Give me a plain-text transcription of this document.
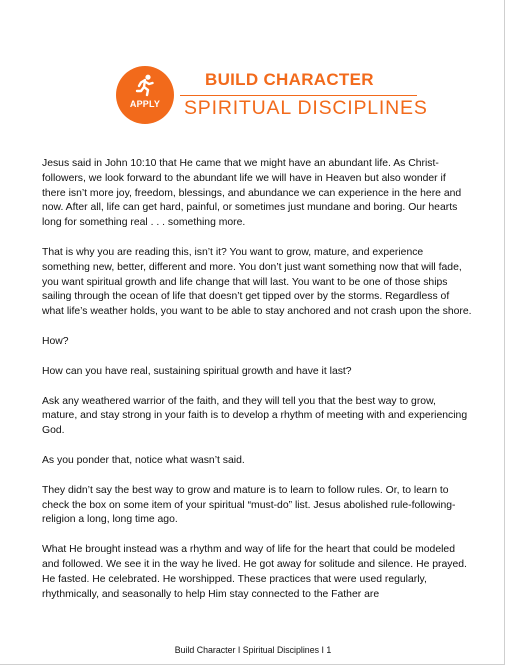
APPLY
BUILD CHARACTER
SPIRITUAL DISCIPLINES

Jesus said in John 10:10 that He came that we might have an abundant life. As Christ-followers, we look forward to the abundant life we will have in Heaven but also wonder if there isn’t more joy, freedom, blessings, and abundance we can experience in the here and now. After all, life can get hard, painful, or sometimes just mundane and boring. Our hearts long for something real . . . something more.

That is why you are reading this, isn’t it? You want to grow, mature, and experience something new, better, different and more. You don’t just want something now that will fade, you want spiritual growth and life change that will last. You want to be one of those ships sailing through the ocean of life that doesn’t get tipped over by the storms. Regardless of what life’s weather holds, you want to be able to stay anchored and not crash upon the shore.

How?

How can you have real, sustaining spiritual growth and have it last?

Ask any weathered warrior of the faith, and they will tell you that the best way to grow, mature, and stay strong in your faith is to develop a rhythm of meeting with and experiencing God.

As you ponder that, notice what wasn’t said.

They didn’t say the best way to grow and mature is to learn to follow rules. Or, to learn to check the box on some item of your spiritual “must-do” list. Jesus abolished rule-following-religion a long, long time ago.

What He brought instead was a rhythm and way of life for the heart that could be modeled and followed. We see it in the way he lived. He got away for solitude and silence. He prayed. He fasted. He celebrated. He worshipped. These practices that were used regularly, rhythmically, and seasonally to help Him stay connected to the Father are

Build Character I Spiritual Disciplines I 1
